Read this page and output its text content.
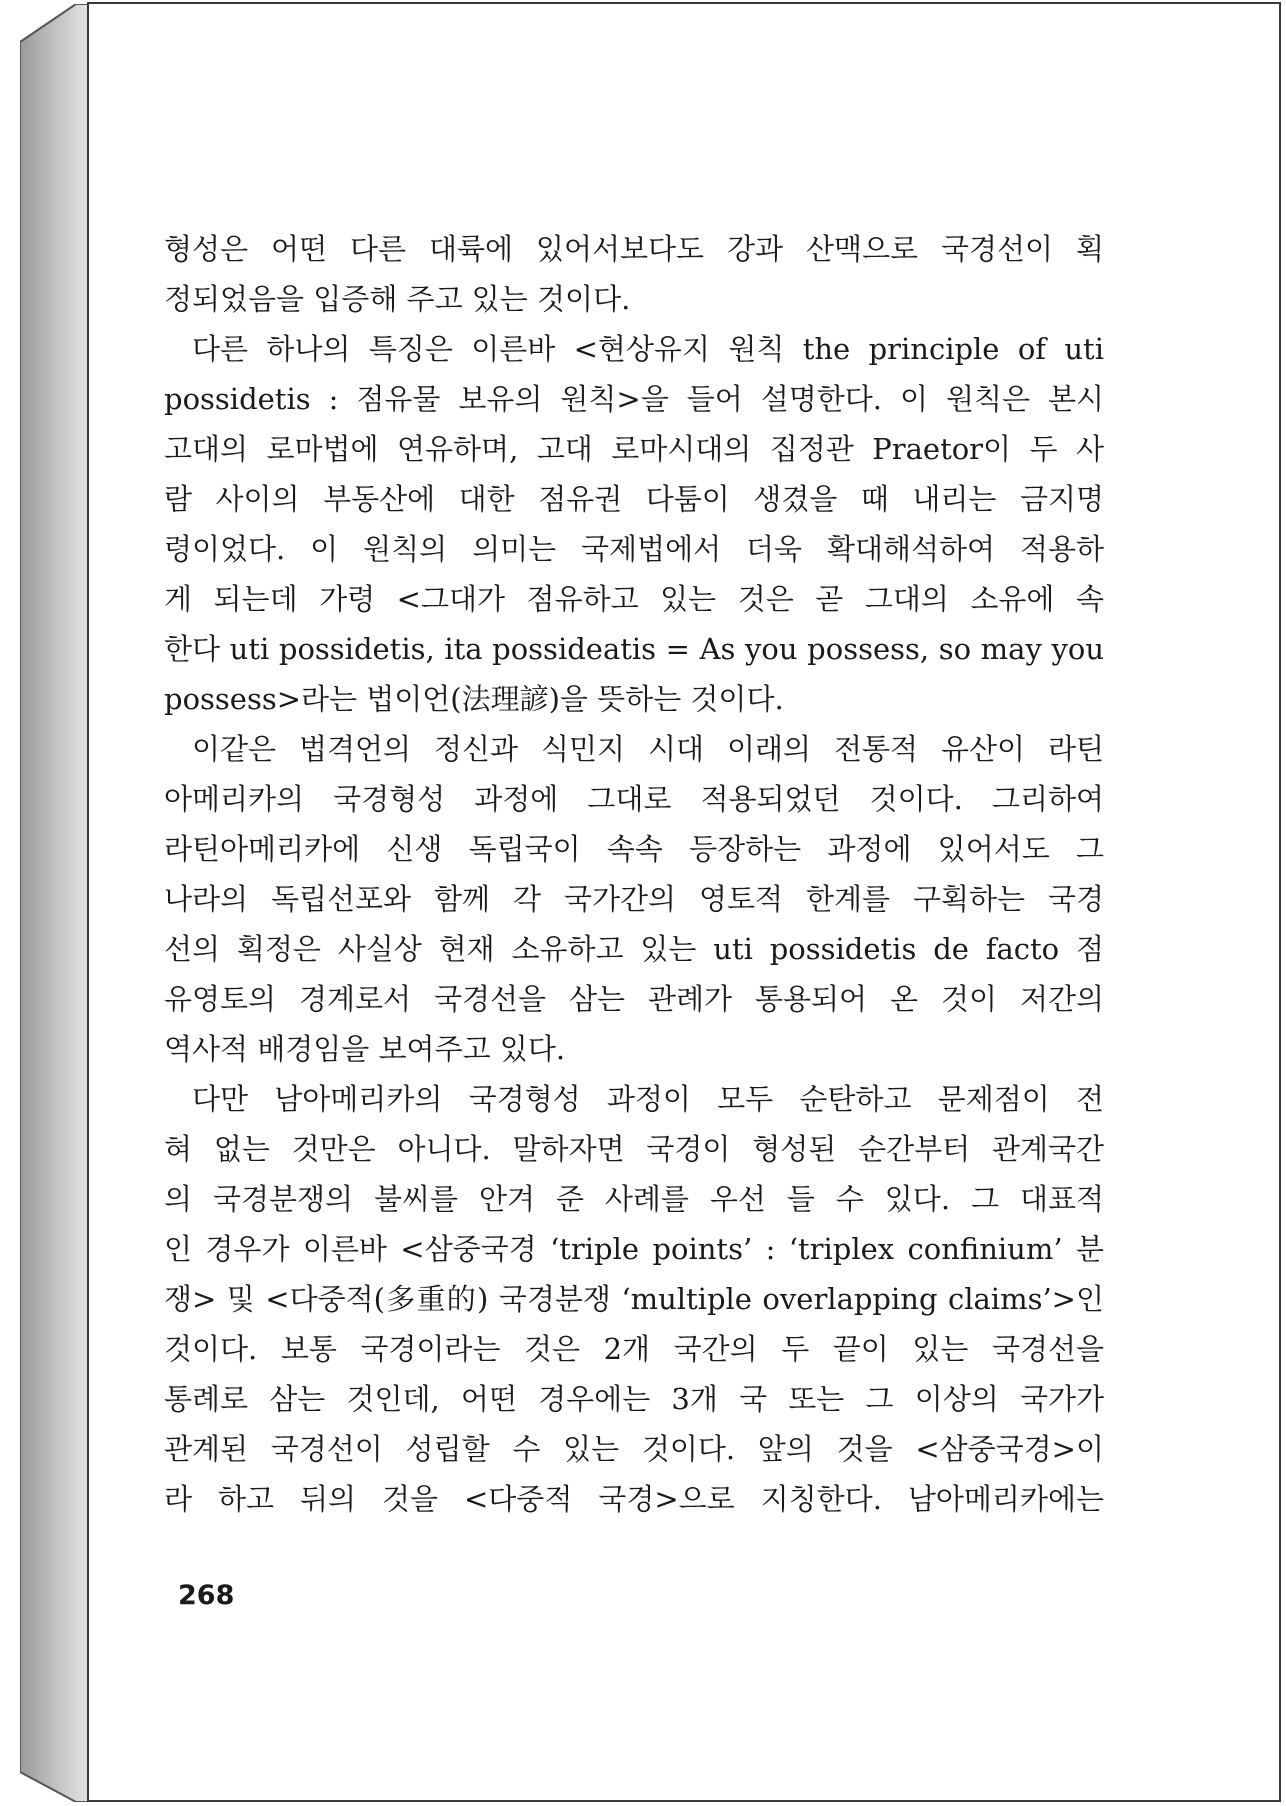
형성은 어떤 다른 대륙에 있어서보다도 강과 산맥으로 국경선이 획
정되었음을 입증해 주고 있는 것이다.
다른 하나의 특징은 이른바 <현상유지 원칙 the principle of uti
possidetis : 점유물 보유의 원칙>을 들어 설명한다. 이 원칙은 본시
고대의 로마법에 연유하며, 고대 로마시대의 집정관 Praetor이 두 사
람 사이의 부동산에 대한 점유권 다툼이 생겼을 때 내리는 금지명
령이었다. 이 원칙의 의미는 국제법에서 더욱 확대해석하여 적용하
게 되는데 가령 <그대가 점유하고 있는 것은 곧 그대의 소유에 속
한다 uti possidetis, ita possideatis = As you possess, so may you
possess>라는 법이언(法理諺)을 뜻하는 것이다.
이같은 법격언의 정신과 식민지 시대 이래의 전통적 유산이 라틴
아메리카의 국경형성 과정에 그대로 적용되었던 것이다. 그리하여
라틴아메리카에 신생 독립국이 속속 등장하는 과정에 있어서도 그
나라의 독립선포와 함께 각 국가간의 영토적 한계를 구획하는 국경
선의 획정은 사실상 현재 소유하고 있는 uti possidetis de facto 점
유영토의 경계로서 국경선을 삼는 관례가 통용되어 온 것이 저간의
역사적 배경임을 보여주고 있다.
다만 남아메리카의 국경형성 과정이 모두 순탄하고 문제점이 전
혀 없는 것만은 아니다. 말하자면 국경이 형성된 순간부터 관계국간
의 국경분쟁의 불씨를 안겨 준 사례를 우선 들 수 있다. 그 대표적
인 경우가 이른바 <삼중국경 ‘triple points’ : ‘triplex confinium’ 분
쟁> 및 <다중적(多重的) 국경분쟁 ‘multiple overlapping claims’>인
것이다. 보통 국경이라는 것은 2개 국간의 두 끝이 있는 국경선을
통례로 삼는 것인데, 어떤 경우에는 3개 국 또는 그 이상의 국가가
관계된 국경선이 성립할 수 있는 것이다. 앞의 것을 <삼중국경>이
라 하고 뒤의 것을 <다중적 국경>으로 지칭한다. 남아메리카에는
268
